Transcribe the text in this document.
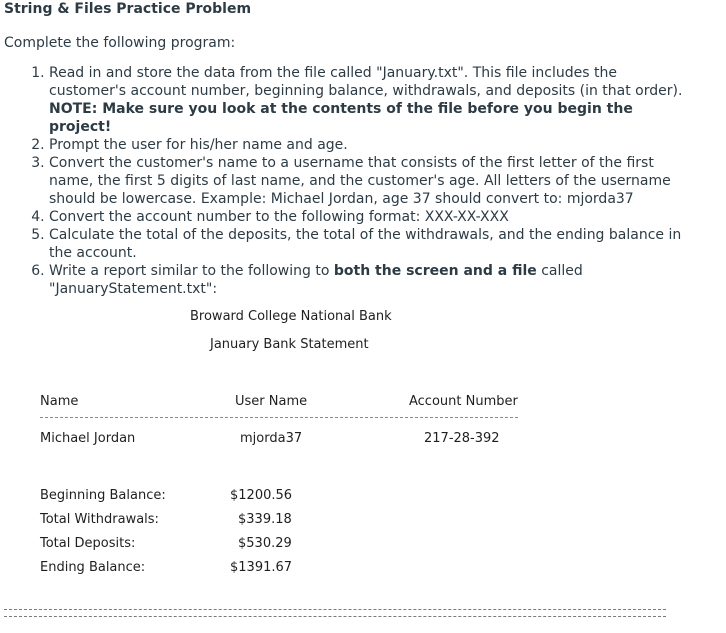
String & Files Practice Problem
Complete the following program:
1. Read in and store the data from the file called "January.txt". This file includes the customer's account number, beginning balance, withdrawals, and deposits (in that order).
NOTE: Make sure you look at the contents of the file before you begin the project!
2. Prompt the user for his/her name and age.
3. Convert the customer's name to a username that consists of the first letter of the first name, the first 5 digits of last name, and the customer's age. All letters of the username should be lowercase. Example: Michael Jordan, age 37 should convert to: mjorda37
4. Convert the account number to the following format: XXX-XX-XXX
5. Calculate the total of the deposits, the total of the withdrawals, and the ending balance in the account.
6. Write a report similar to the following to both the screen and a file called "JanuaryStatement.txt":
Broward College National Bank
January Bank Statement
Name	User Name	Account Number
Michael Jordan	mjorda37	217-28-392
Beginning Balance:	$1200.56
Total Withdrawals:	$339.18
Total Deposits:	$530.29
Ending Balance:	$1391.67
